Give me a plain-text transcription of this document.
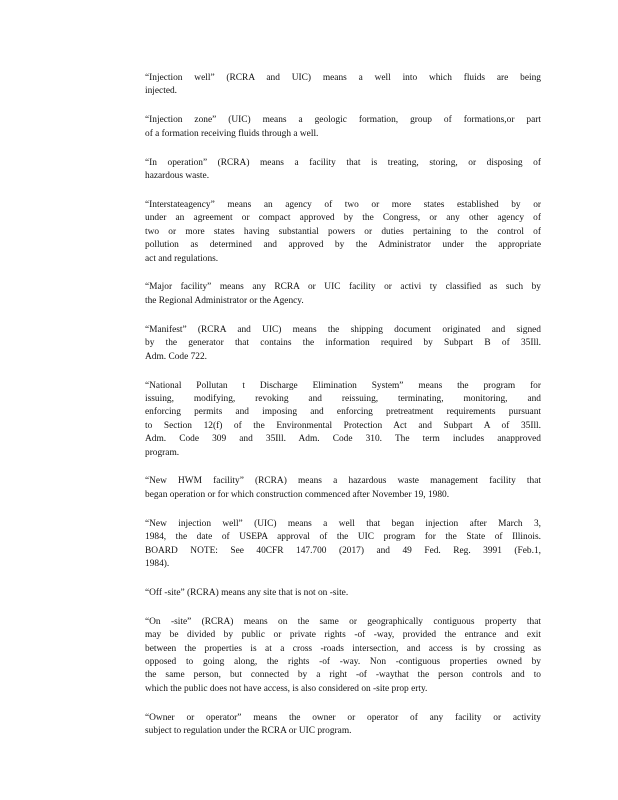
“Injection well” (RCRA and UIC) means a well into which fluids are being
injected.
“Injection zone” (UIC) means a geologic formation, group of formations,or part
of a formation receiving fluids through a well.
“In operation” (RCRA) means a facility that is treating, storing, or disposing of
hazardous waste.
“Interstateagency” means an agency of two or more states established by or
under an agreement or compact approved by the Congress, or any other agency of
two or more states having substantial powers or duties pertaining to the control of
pollution as determined and approved by the Administrator under the appropriate
act and regulations.
“Major facility” means any RCRA or UIC facility or activi ty classified as such by
the Regional Administrator or the Agency.
“Manifest” (RCRA and UIC) means the shipping document originated and signed
by the generator that contains the information required by Subpart B of 35Ill.
Adm. Code 722.
“National Pollutan t Discharge Elimination System” means the program for
issuing, modifying, revoking and reissuing, terminating, monitoring, and
enforcing permits and imposing and enforcing pretreatment requirements pursuant
to Section 12(f) of the Environmental Protection Act and Subpart A of 35Ill.
Adm. Code 309 and 35Ill. Adm. Code 310. The term includes anapproved
program.
“New HWM facility” (RCRA) means a hazardous waste management facility that
began operation or for which construction commenced after November 19, 1980.
“New injection well” (UIC) means a well that began injection after March 3,
1984, the date of USEPA approval of the UIC program for the State of Illinois.
BOARD NOTE: See 40CFR 147.700 (2017) and 49 Fed. Reg. 3991 (Feb.1,
1984).
“Off -site” (RCRA) means any site that is not on -site.
“On -site” (RCRA) means on the same or geographically contiguous property that
may be divided by public or private rights -of -way, provided the entrance and exit
between the properties is at a cross -roads intersection, and access is by crossing as
opposed to going along, the rights -of -way. Non -contiguous properties owned by
the same person, but connected by a right -of -waythat the person controls and to
which the public does not have access, is also considered on -site prop erty.
“Owner or operator” means the owner or operator of any facility or activity
subject to regulation under the RCRA or UIC program.
